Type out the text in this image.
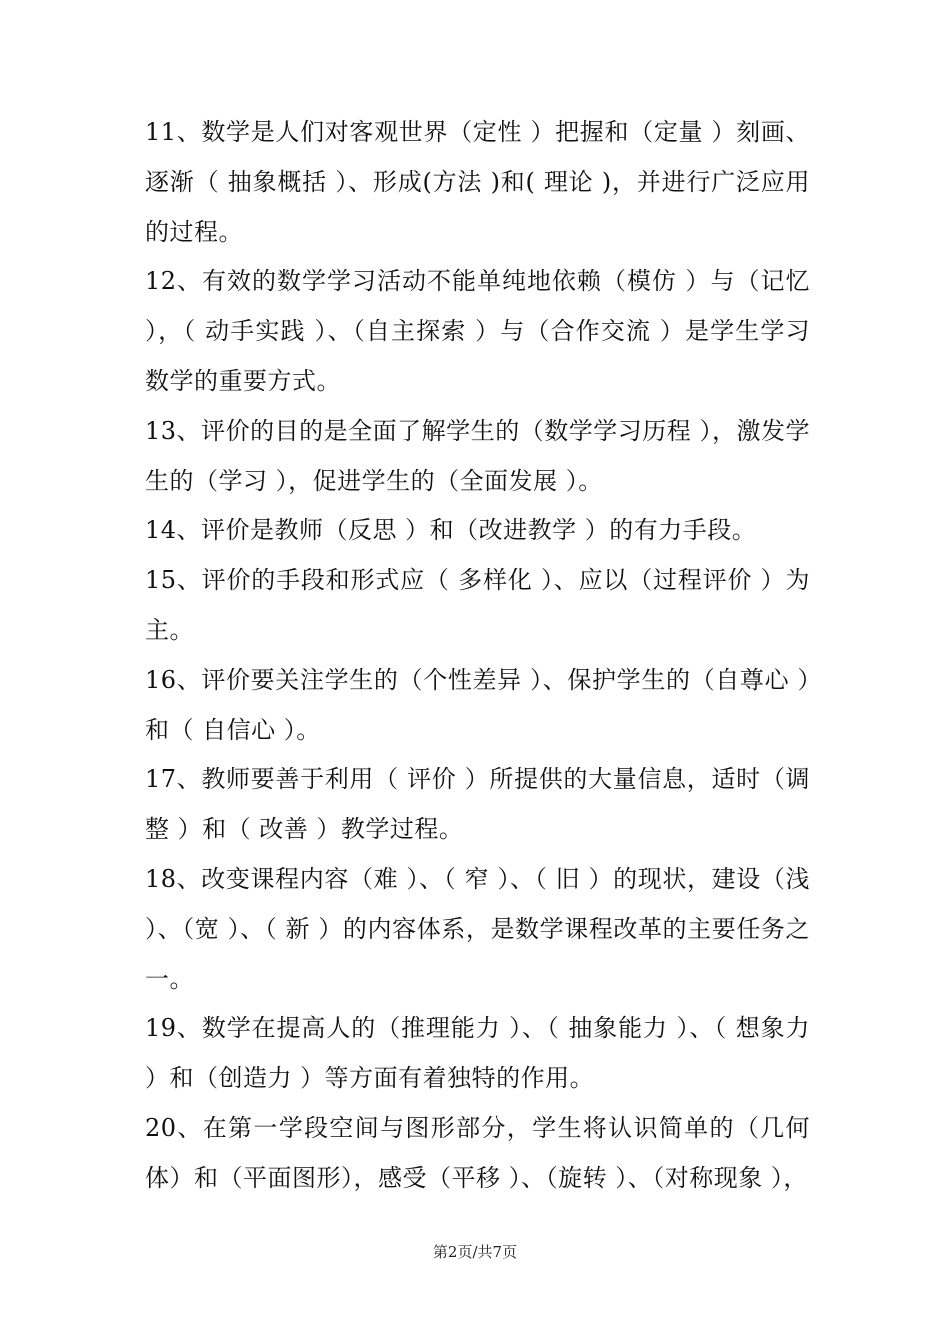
11、数学是人们对客观世界（定性 ）把握和（定量 ）刻画、逐渐（ 抽象概括 ）、形成(方法 )和( 理论 )，并进行广泛应用的过程。

12、有效的数学学习活动不能单纯地依赖（模仿 ）与（记忆 ），（ 动手实践 ）、（自主探索 ）与（合作交流 ）是学生学习数学的重要方式。

13、评价的目的是全面了解学生的（数学学习历程 ），激发学生的（学习 ），促进学生的（全面发展 ）。

14、评价是教师（反思 ）和（改进教学 ）的有力手段。

15、评价的手段和形式应（ 多样化 ）、应以（过程评价 ）为主。

16、评价要关注学生的（个性差异 ）、保护学生的（自尊心 ）和（ 自信心 ）。

17、教师要善于利用（ 评价 ）所提供的大量信息，适时（调整 ）和（ 改善 ）教学过程。

18、改变课程内容（难 ）、（ 窄 ）、（ 旧 ）的现状，建设（浅 ）、（宽 ）、（ 新 ）的内容体系，是数学课程改革的主要任务之一。

19、数学在提高人的（推理能力 ）、（ 抽象能力 ）、（ 想象力 ）和（创造力 ）等方面有着独特的作用。

20、在第一学段空间与图形部分，学生将认识简单的（几何体）和（平面图形），感受（平移 ）、（旋转 ）、（对称现象 ），

第2页/共7页
